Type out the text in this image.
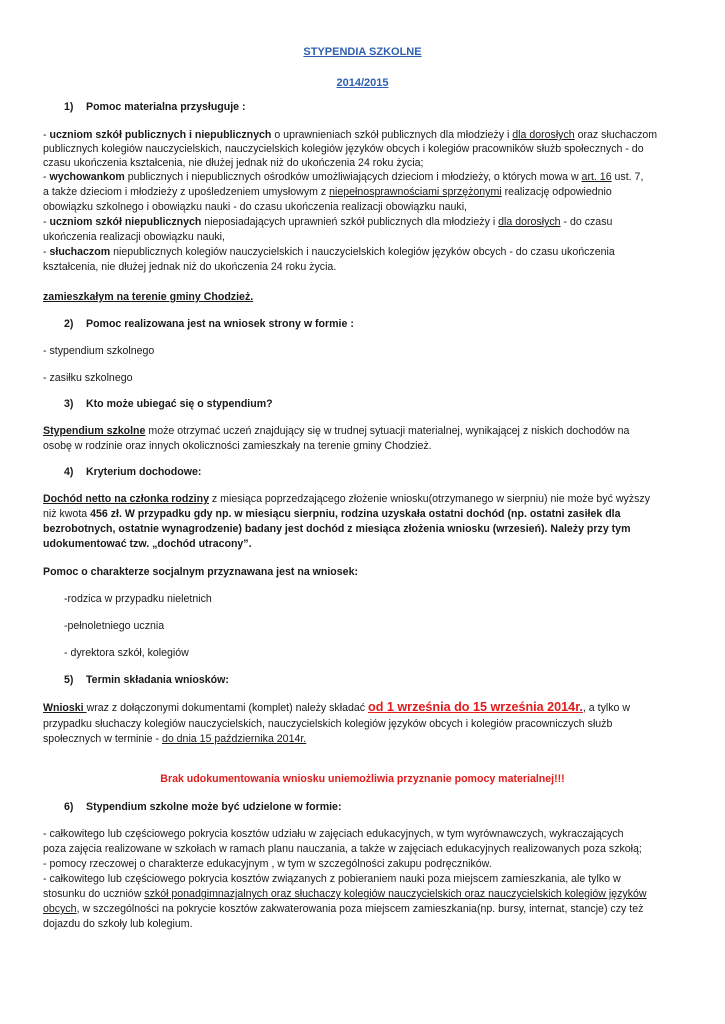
STYPENDIA SZKOLNE
2014/2015
1) Pomoc materialna przysługuje :
- uczniom szkół publicznych i niepublicznych o uprawnieniach szkół publicznych dla młodzieży i dla dorosłych oraz słuchaczom
publicznych kolegiów nauczycielskich, nauczycielskich kolegiów języków obcych i kolegiów pracowników służb społecznych - do
czasu ukończenia kształcenia, nie dłużej jednak niż do ukończenia 24 roku życia;
- wychowankom publicznych i niepublicznych ośrodków umożliwiających dzieciom i młodzieży, o których mowa w art. 16 ust. 7,
a także dzieciom i młodzieży z upośledzeniem umysłowym z niepełnosprawnościami sprzężonymi realizację odpowiednio
obowiązku szkolnego i obowiązku nauki - do czasu ukończenia realizacji obowiązku nauki,
- uczniom szkół niepublicznych nieposiadających uprawnień szkół publicznych dla młodzieży i dla dorosłych - do czasu
ukończenia realizacji obowiązku nauki,
- słuchaczom niepublicznych kolegiów nauczycielskich i nauczycielskich kolegiów języków obcych - do czasu ukończenia
kształcenia, nie dłużej jednak niż do ukończenia 24 roku życia.
zamieszkałym na terenie gminy Chodzież.
2) Pomoc realizowana jest na wniosek strony w formie :
- stypendium szkolnego
- zasiłku szkolnego
3) Kto może ubiegać się o stypendium?
Stypendium szkolne może otrzymać uczeń znajdujący się w trudnej sytuacji materialnej, wynikającej z niskich dochodów na
osobę w rodzinie oraz innych okoliczności zamieszkały na terenie gminy Chodzież.
4) Kryterium dochodowe:
Dochód netto na członka rodziny z miesiąca poprzedzającego złożenie wniosku(otrzymanego w sierpniu) nie może być wyższy
niż kwota 456 zł. W przypadku gdy np. w miesiącu sierpniu, rodzina uzyskała ostatni dochód (np. ostatni zasiłek dla
bezrobotnych, ostatnie wynagrodzenie) badany jest dochód z miesiąca złożenia wniosku (wrzesień). Należy przy tym
udokumentować tzw. „dochód utracony”.
Pomoc o charakterze socjalnym przyznawana jest na wniosek:
-rodzica w przypadku nieletnich
-pełnoletniego ucznia
- dyrektora szkół, kolegiów
5) Termin składania wniosków:
Wnioski wraz z dołączonymi dokumentami (komplet) należy składać od 1 września do 15 września 2014r., a tylko w
przypadku słuchaczy kolegiów nauczycielskich, nauczycielskich kolegiów języków obcych i kolegiów pracowniczych służb
społecznych w terminie - do dnia 15 października 2014r.
Brak udokumentowania wniosku uniemożliwia przyznanie pomocy materialnej!!!
6) Stypendium szkolne może być udzielone w formie:
- całkowitego lub częściowego pokrycia kosztów udziału w zajęciach edukacyjnych, w tym wyrównawczych, wykraczających
poza zajęcia realizowane w szkołach w ramach planu nauczania, a także w zajęciach edukacyjnych realizowanych poza szkołą;
- pomocy rzeczowej o charakterze edukacyjnym , w tym w szczególności zakupu podręczników.
- całkowitego lub częściowego pokrycia kosztów związanych z pobieraniem nauki poza miejscem zamieszkania, ale tylko w
stosunku do uczniów szkół ponadgimnazjalnych oraz słuchaczy kolegiów nauczycielskich oraz nauczycielskich kolegiów języków
obcych, w szczególności na pokrycie kosztów zakwaterowania poza miejscem zamieszkania(np. bursy, internat, stancje) czy też
dojazdu do szkoły lub kolegium.
